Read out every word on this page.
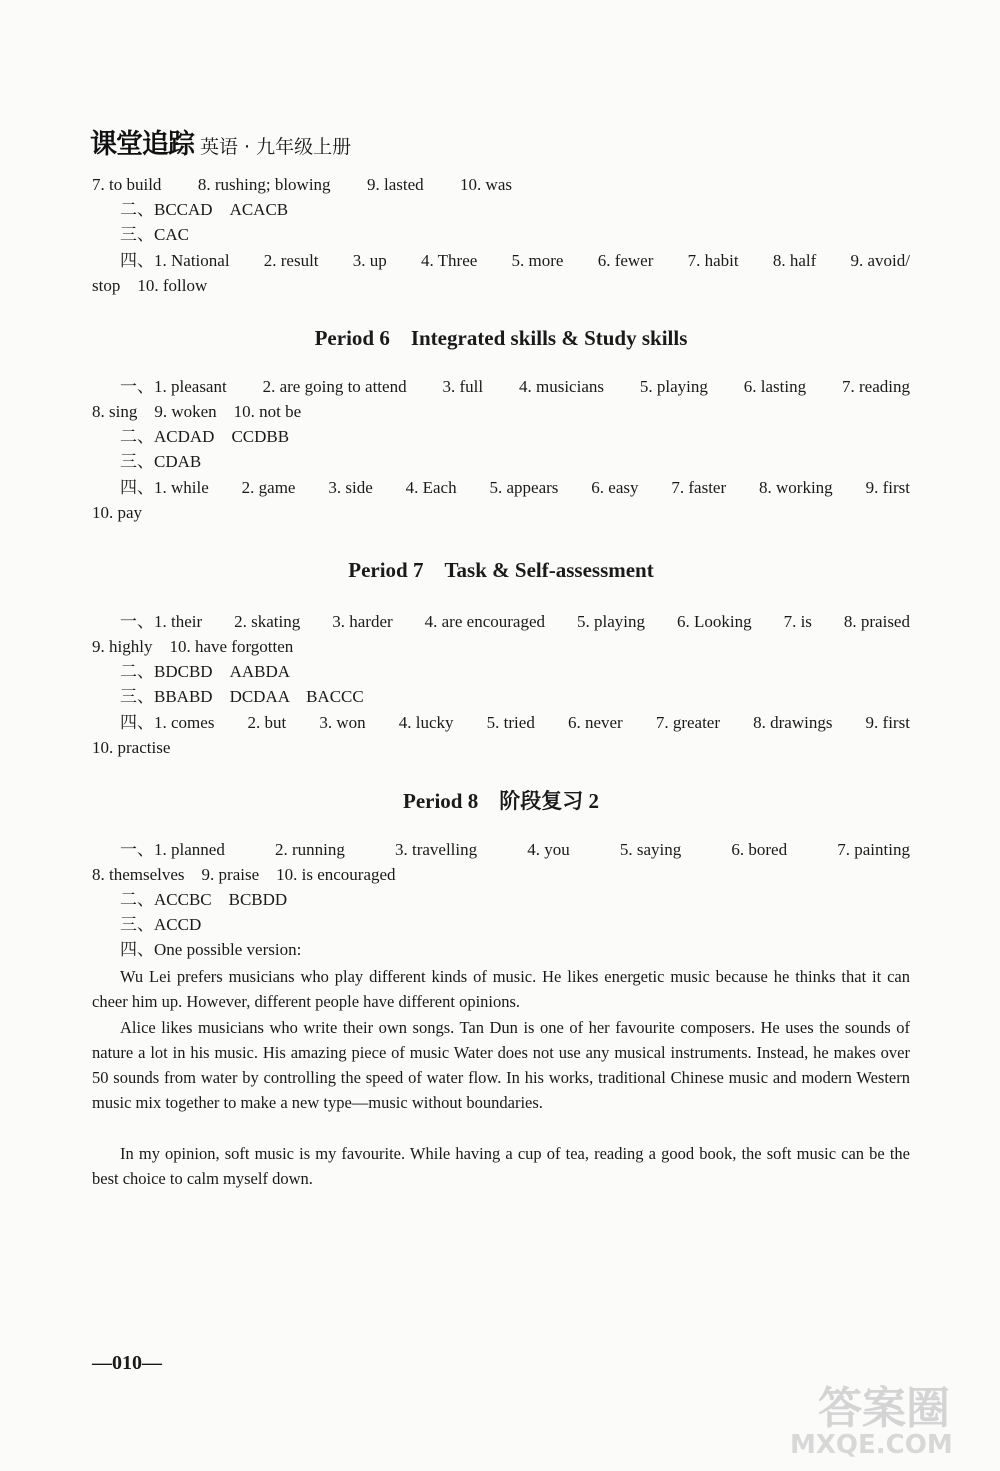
课堂追踪 英语 · 九年级上册
7. to build 8. rushing; blowing 9. lasted 10. was
二、BCCAD　ACACB
三、CAC
四、1. National 2. result 3. up 4. Three 5. more 6. fewer 7. habit 8. half 9. avoid/
stop　10. follow
Period 6　Integrated skills & Study skills
一、1. pleasant 2. are going to attend 3. full 4. musicians 5. playing 6. lasting 7. reading
8. sing　9. woken　10. not be
二、ACDAD　CCDBB
三、CDAB
四、1. while 2. game 3. side 4. Each 5. appears 6. easy 7. faster 8. working 9. first
10. pay
Period 7　Task & Self-assessment
一、1. their 2. skating 3. harder 4. are encouraged 5. playing 6. Looking 7. is 8. praised
9. highly　10. have forgotten
二、BDCBD　AABDA
三、BBABD　DCDAA　BACCC
四、1. comes 2. but 3. won 4. lucky 5. tried 6. never 7. greater 8. drawings 9. first
10. practise
Period 8　阶段复习 2
一、1. planned	2. running	3. travelling	4. you	5. saying	6. bored	7. painting
8. themselves　9. praise　10. is encouraged
二、ACCBC　BCBDD
三、ACCD
四、One possible version:
Wu Lei prefers musicians who play different kinds of music. He likes energetic music because he thinks that it can cheer him up. However, different people have different opinions.
Alice likes musicians who write their own songs. Tan Dun is one of her favourite composers. He uses the sounds of nature a lot in his music. His amazing piece of music Water does not use any musical instruments. Instead, he makes over 50 sounds from water by controlling the speed of water flow. In his works, traditional Chinese music and modern Western music mix together to make a new type—music without boundaries.
In my opinion, soft music is my favourite. While having a cup of tea, reading a good book, the soft music can be the best choice to calm myself down.
—010—
答案圈
MXQE.COM
